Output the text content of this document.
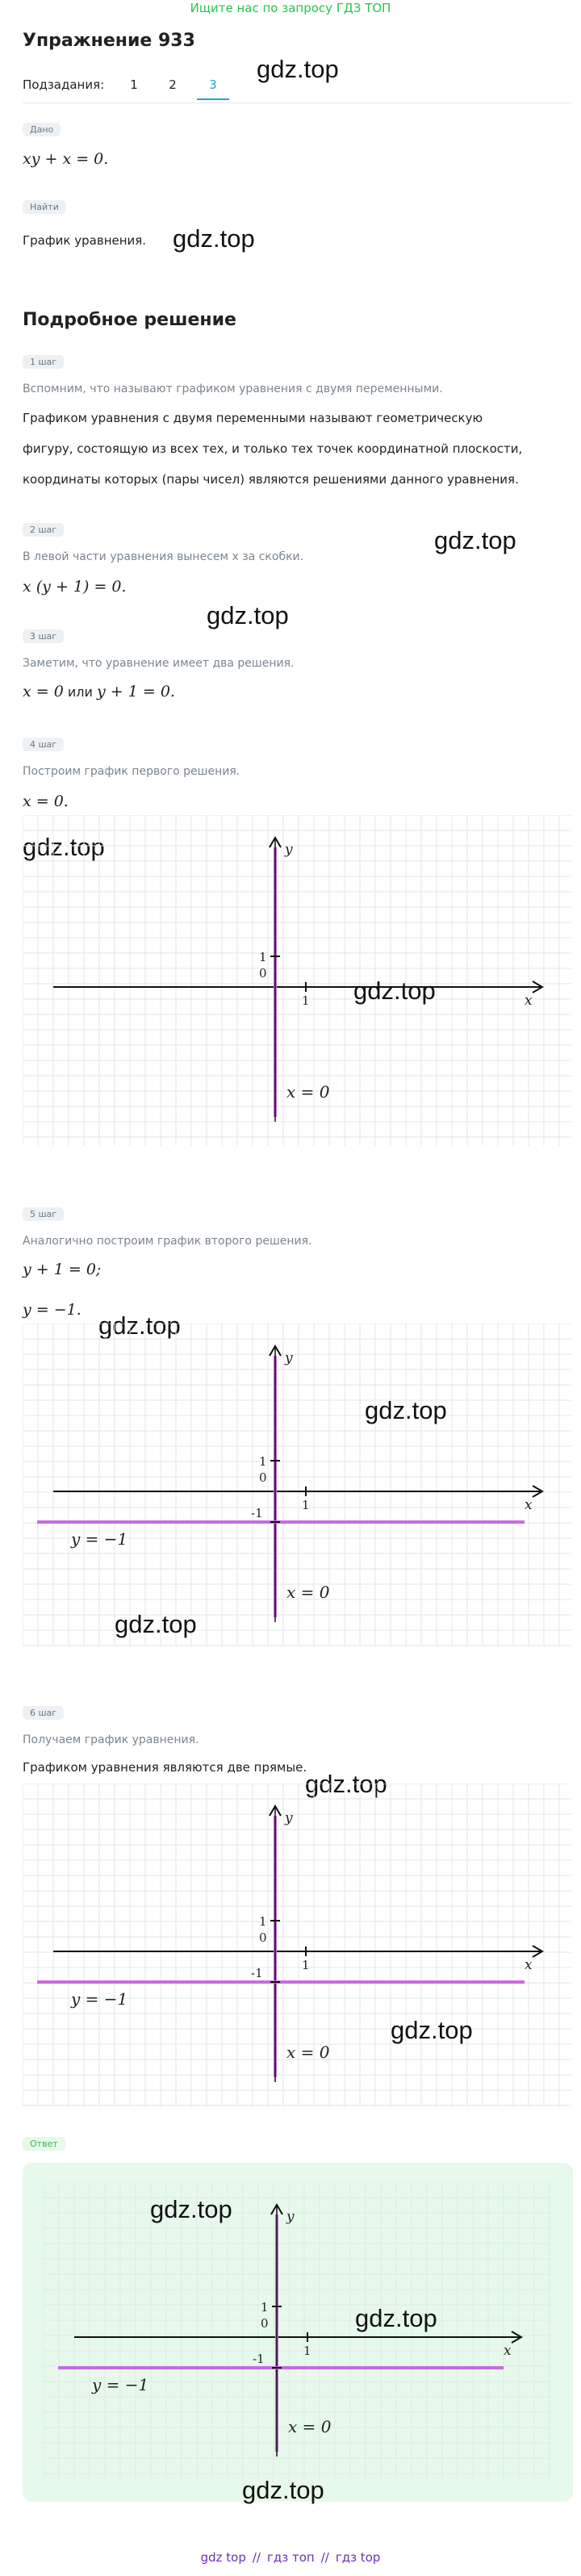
Ищите нас по запросу ГДЗ ТОП
Упражнение 933
Подзадания:	1	2	3
gdz.top
Дано
xy + x = 0.
Найти
График уравнения. gdz.top
Подробное решение
1 шаг
Вспомним, что называют графиком уравнения с двумя переменными.
Графиком уравнения с двумя переменными называют геометрическую
фигуру, состоящую из всех тех, и только тех точек координатной плоскости,
координаты которых (пары чисел) являются решениями данного уравнения.
gdz.top
2 шаг
В левой части уравнения вынесем x за скобки.
x (y + 1) = 0.
gdz.top
3 шаг
Заметим, что уравнение имеет два решения.
x = 0 или y + 1 = 0.
4 шаг
Построим график первого решения.
x = 0.
gdz.top
x
1
0
y
1
x = 0
gdz.top
5 шаг
Аналогично построим график второго решения.
y + 1 = 0;
y = −1.
gdz.top
x
1
0
y
1
x = 0
-1
y = −1
gdz.top
gdz.top
6 шаг
Получаем график уравнения.
Графиком уравнения являются две прямые.
gdz.top
x
1
0
y
1
x = 0
-1
y = −1
gdz.top
Ответ
x
1
0
y
1
x = 0
-1
y = −1
gdz.top
gdz.top
gdz.top
gdz top // гдз топ // гдз top
